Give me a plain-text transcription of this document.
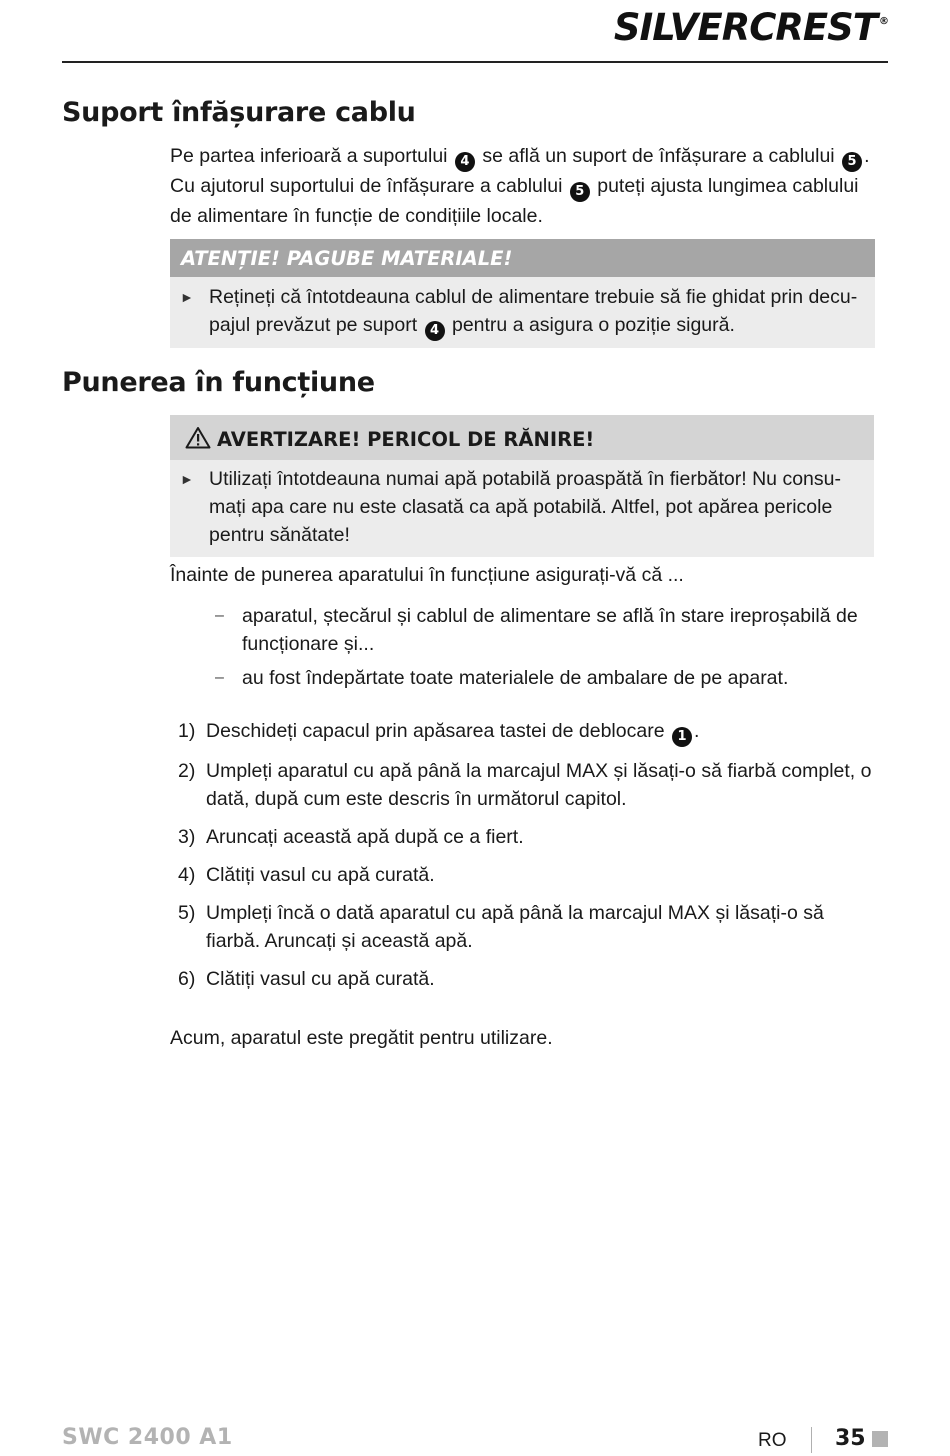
SILVERCREST ®
Suport înfășurare cablu
Pe partea inferioară a suportului 4 se află un suport de înfășurare a cablului 5 . Cu ajutorul suportului de înfășurare a cablului 5 puteți ajusta lungimea cablului de alimentare în funcție de condițiile locale.
ATENȚIE! PAGUBE MATERIALE!
► Rețineți că întotdeauna cablul de alimentare trebuie să fie ghidat prin decupajul prevăzut pe suport 4 pentru a asigura o poziție sigură.
Punerea în funcțiune
AVERTIZARE! PERICOL DE RĂNIRE!
► Utilizați întotdeauna numai apă potabilă proaspătă în fierbător! Nu consumați apa care nu este clasată ca apă potabilă. Altfel, pot apărea pericole pentru sănătate!
Înainte de punerea aparatului în funcțiune asigurați-vă că ...
– aparatul, ștecărul și cablul de alimentare se află în stare ireproșabilă de funcționare și...
– au fost îndepărtate toate materialele de ambalare de pe aparat.
1) Deschideți capacul prin apăsarea tastei de deblocare 1 .
2) Umpleți aparatul cu apă până la marcajul MAX și lăsați-o să fiarbă complet, o dată, după cum este descris în următorul capitol.
3) Aruncați această apă după ce a fiert.
4) Clătiți vasul cu apă curată.
5) Umpleți încă o dată aparatul cu apă până la marcajul MAX și lăsați-o să fiarbă. Aruncați și această apă.
6) Clătiți vasul cu apă curată.
Acum, aparatul este pregătit pentru utilizare.
SWC 2400 A1	RO 35
